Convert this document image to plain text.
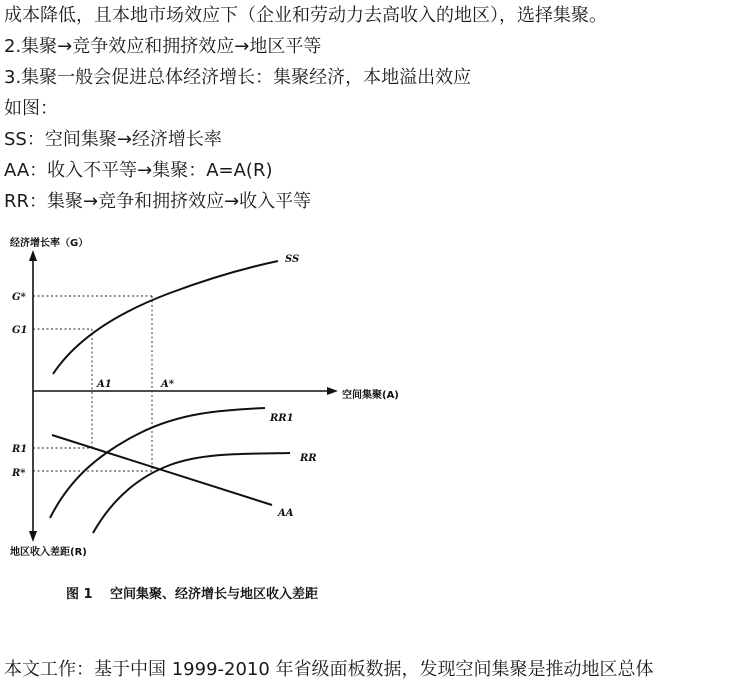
成本降低，且本地市场效应下（企业和劳动力去高收入的地区），选择集聚。
2.集聚→竞争效应和拥挤效应→地区平等
3.集聚一般会促进总体经济增长：集聚经济，本地溢出效应
如图：
SS：空间集聚→经济增长率
AA：收入不平等→集聚：A=A(R)
RR：集聚→竞争和拥挤效应→收入平等
经济增长率（G）
空间集聚(A)
地区收入差距(R)
G*
G1
A1	A*
R1
R*
SS
RR1
RR
AA
图 1 空间集聚、经济增长与地区收入差距
本文工作：基于中国 1999-2010 年省级面板数据，发现空间集聚是推动地区总体
